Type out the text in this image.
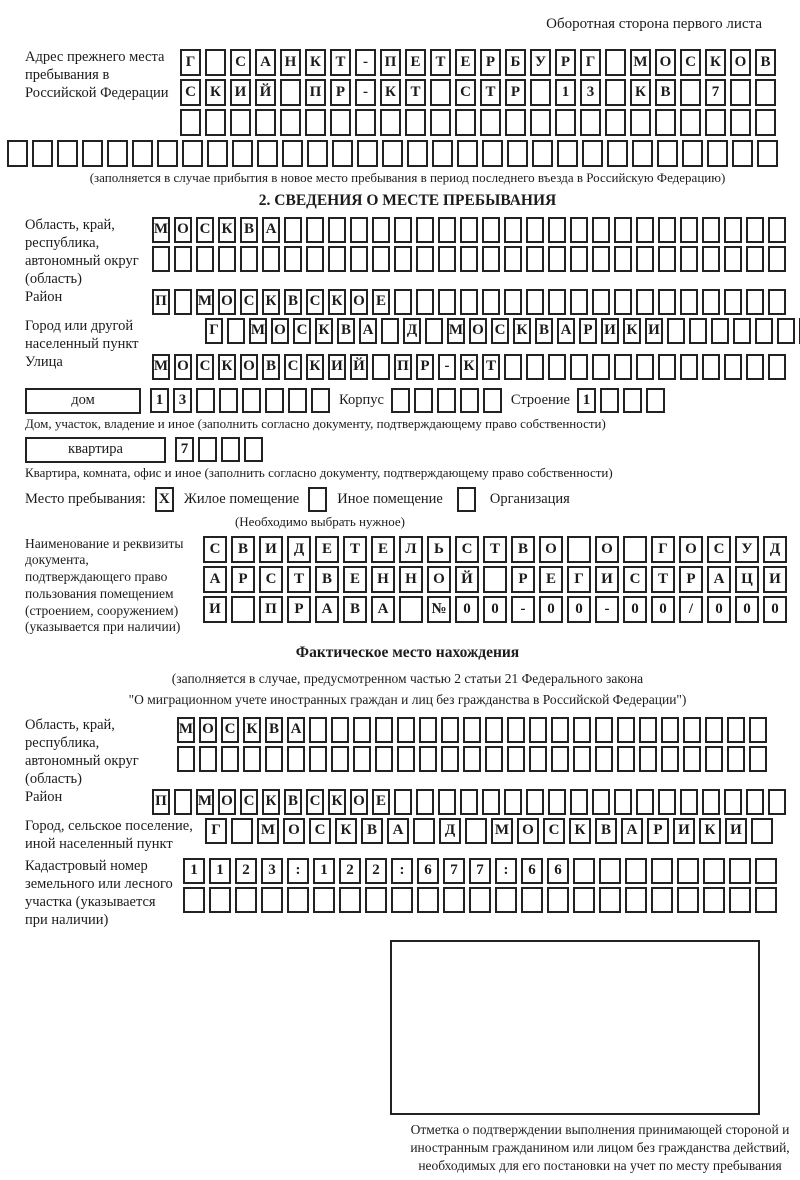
Оборотная сторона первого листа
Адрес прежнего места пребывания в Российской Федерации
Г	С А Н К Т	-	П Е Т Е	Р	Б У Р	Г	М О С К О В
С К И Й	П Р	-	К Т	С Т	Р	1	3	К В	7
(заполняется в случае прибытия в новое место пребывания в период последнего въезда в Российскую Федерацию)
2. СВЕДЕНИЯ О МЕСТЕ ПРЕБЫВАНИЯ
Область, край, республика, автономный округ (область)
М О С К В А
Район	П М О С К В С К О Е
Город или другой населенный пункт
Г М О С К В А Д М О С К В А Р И К И
Улица	М О С К О В С К И Й П Р - К Т
дом	1	3	Корпус	Строение 1
Дом, участок, владение и иное (заполнить согласно документу, подтверждающему право собственности)
квартира	7
Квартира, комната, офис и иное (заполнить согласно документу, подтверждающему право собственности)
Место пребывания: X Жилое помещение	Иное помещение	Организация
(Необходимо выбрать нужное)
Наименование и реквизиты документа, подтверждающего право пользования помещением (строением, сооружением) (указывается при наличии)
С	В	И	Д	Е	Т	Е	Л	Ь	С	Т	В	О	О	Г	О	С	У	Д
А	Р	С	Т	В	Е	Н	Н	О	Й	Р	Е	Г	И	С	Т	Р	А	Ц	И
И	П	Р	А	В	А	№	0	0	-	0	0	-	0	0	/	0	0	0
Фактическое место нахождения
(заполняется в случае, предусмотренном частью 2 статьи 21 Федерального закона
"О миграционном учете иностранных граждан и лиц без гражданства в Российской Федерации")
Область, край, республика, автономный округ (область)
М О С К В А
Район	П М О С К В С К О Е
Город, сельское поселение, иной населенный пункт
Г	М О С	К	В	А	Д	М О С	К	В	А	Р	И К И
Кадастровый номер земельного или лесного участка (указывается при наличии)
1	1	2	3	:	1	2	2	:	6	7	7	:	6	6
Отметка о подтверждении выполнения принимающей стороной и иностранным гражданином или лицом без гражданства действий, необходимых для его постановки на учет по месту пребывания
